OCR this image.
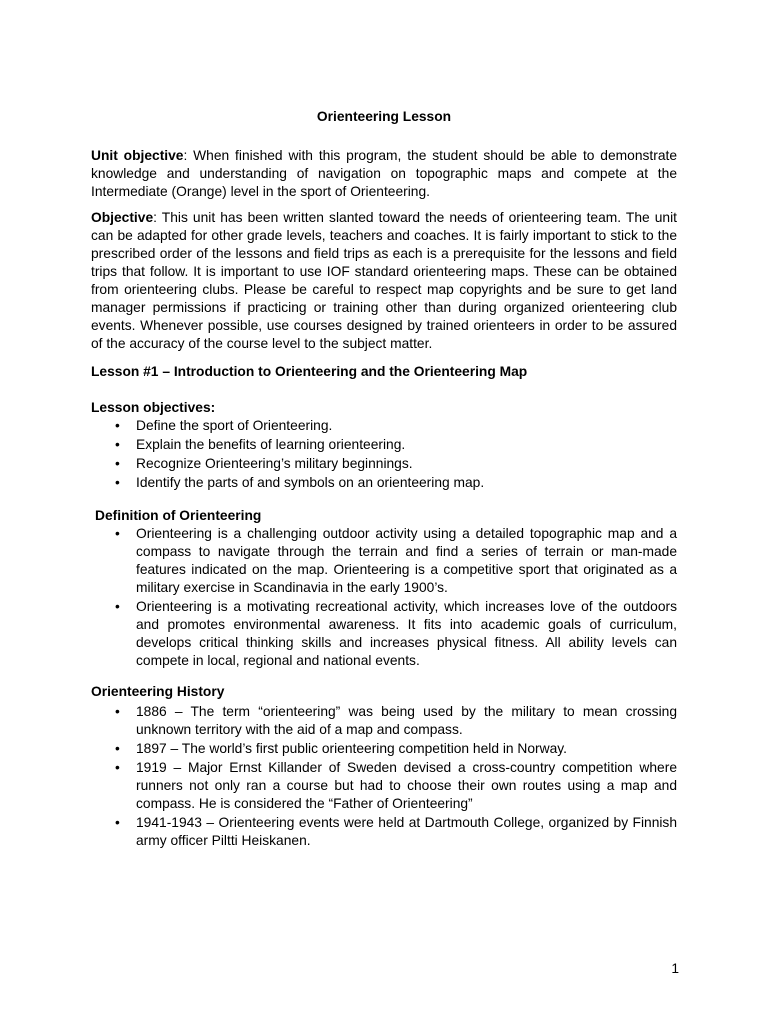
Orienteering Lesson

Unit objective: When finished with this program, the student should be able to demonstrate knowledge and understanding of navigation on topographic maps and compete at the Intermediate (Orange) level in the sport of Orienteering.

Objective: This unit has been written slanted toward the needs of orienteering team. The unit can be adapted for other grade levels, teachers and coaches. It is fairly important to stick to the prescribed order of the lessons and field trips as each is a prerequisite for the lessons and field trips that follow. It is important to use IOF standard orienteering maps. These can be obtained from orienteering clubs. Please be careful to respect map copyrights and be sure to get land manager permissions if practicing or training other than during organized orienteering club events. Whenever possible, use courses designed by trained orienteers in order to be assured of the accuracy of the course level to the subject matter.

Lesson #1 – Introduction to Orienteering and the Orienteering Map
Lesson objectives:
• Define the sport of Orienteering.
• Explain the benefits of learning orienteering.
• Recognize Orienteering’s military beginnings.
• Identify the parts of and symbols on an orienteering map.
Definition of Orienteering
• Orienteering is a challenging outdoor activity using a detailed topographic map and a compass to navigate through the terrain and find a series of terrain or man-made features indicated on the map. Orienteering is a competitive sport that originated as a military exercise in Scandinavia in the early 1900’s.
• Orienteering is a motivating recreational activity, which increases love of the outdoors and promotes environmental awareness. It fits into academic goals of curriculum, develops critical thinking skills and increases physical fitness. All ability levels can compete in local, regional and national events.
Orienteering History
• 1886 – The term “orienteering” was being used by the military to mean crossing unknown territory with the aid of a map and compass.
• 1897 – The world’s first public orienteering competition held in Norway.
• 1919 – Major Ernst Killander of Sweden devised a cross-country competition where runners not only ran a course but had to choose their own routes using a map and compass. He is considered the “Father of Orienteering”
• 1941-1943 – Orienteering events were held at Dartmouth College, organized by Finnish army officer Piltti Heiskanen.
1
